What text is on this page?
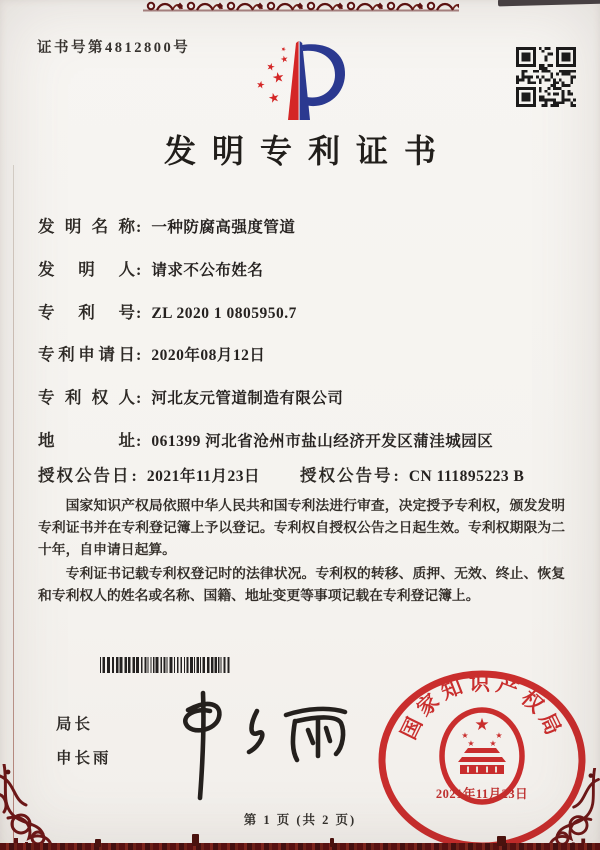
证书号第4812800号	★
★
★
★
★
★
发明专利证书
发明名称: 一种防腐高强度管道
发明人: 请求不公布姓名
专利号: ZL 2020 1 0805950.7
专利申请日: 2020年08月12日
专利权人: 河北友元管道制造有限公司
地址: 061399 河北省沧州市盐山经济开发区蒲洼城园区
授权公告日: 2021年11月23日 授权公告号: CN 111895223 B

国家知识产权局依照中华人民共和国专利法进行审查，决定授予专利权，颁发发明专利证书并在专利登记簿上予以登记。专利权自授权公告之日起生效。专利权期限为二十年，自申请日起算。

专利证书记载专利权登记时的法律状况。专利权的转移、质押、无效、终止、恢复和专利权人的姓名或名称、国籍、地址变更等事项记载在专利登记簿上。

局长
申长雨
国家知识产权局
★
★	★
★ ★
2021年11月23日
第 1 页 (共 2 页)
